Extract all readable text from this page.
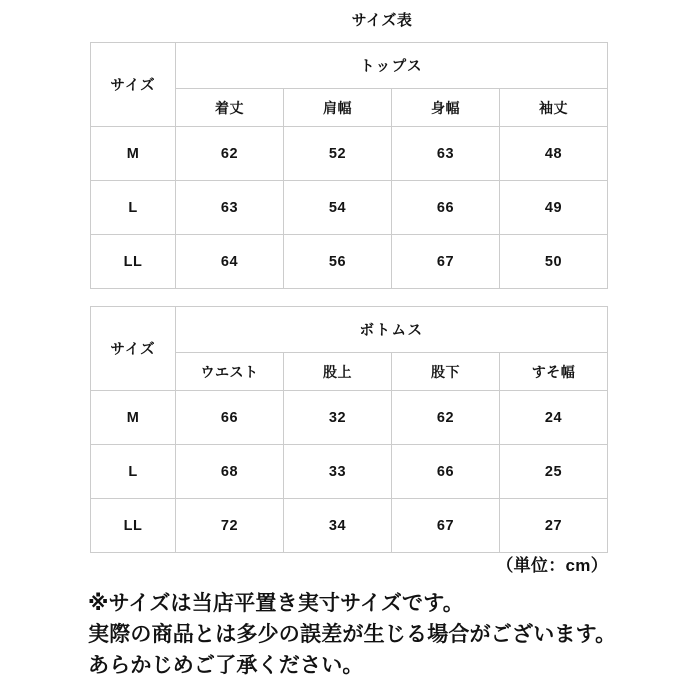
サイズ表
サイズ	トップス			
	着丈	肩幅	身幅	袖丈
M	62	52	63	48
L	63	54	66	49
LL	64	56	67	50
サイズ	ボトムス			
	ウエスト	股上	股下	すそ幅
M	66	32	62	24
L	68	33	66	25
LL	72	34	67	27
（単位：cm）
※サイズは当店平置き実寸サイズです。
実際の商品とは多少の誤差が生じる場合がございます。
あらかじめご了承ください。
